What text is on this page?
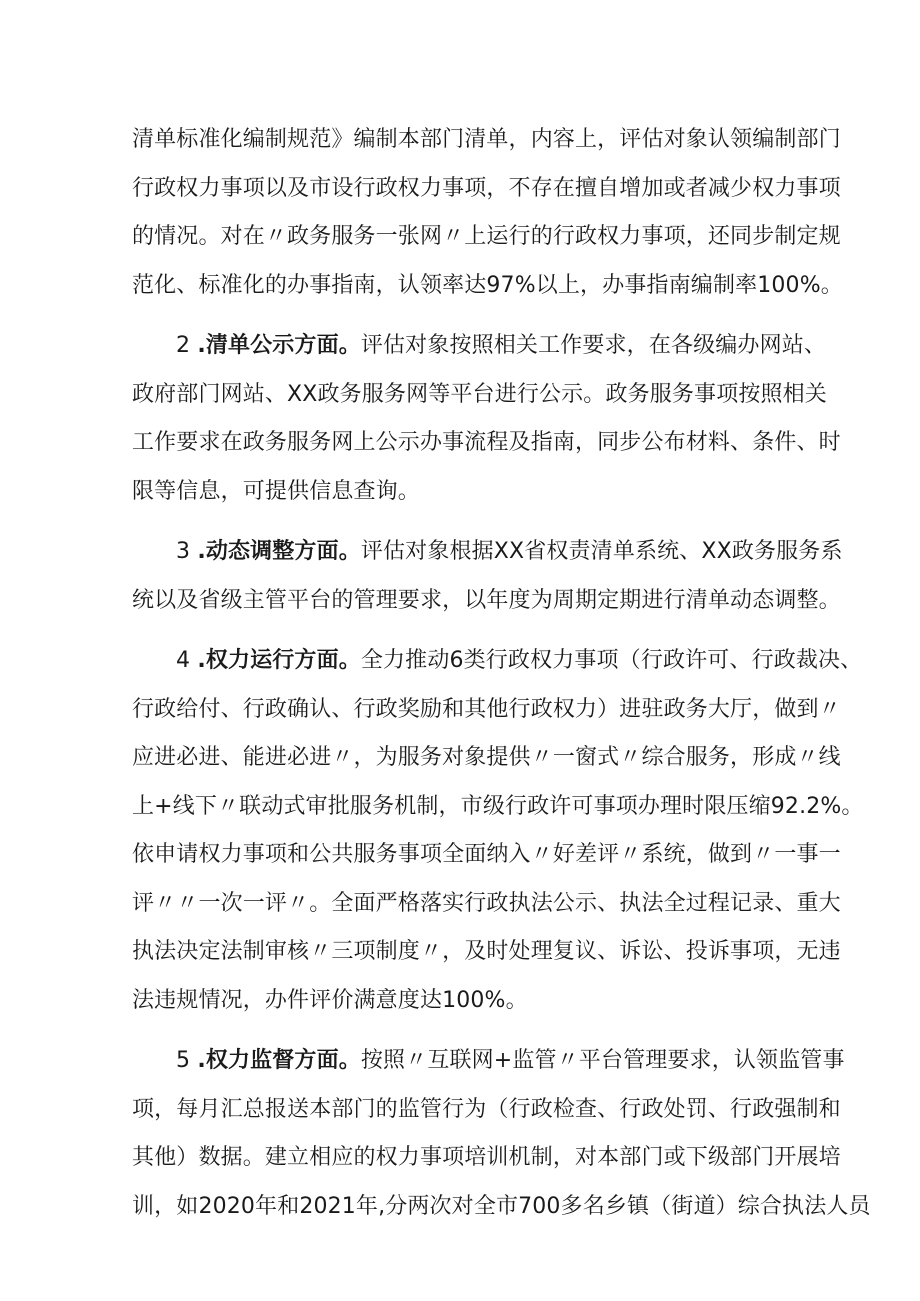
清单标准化编制规范》编制本部门清单，内容上，评估对象认领编制部门
行政权力事项以及市设行政权力事项，不存在擅自增加或者减少权力事项
的情况。对在〃政务服务一张网〃上运行的行政权力事项，还同步制定规
范化、标准化的办事指南，认领率达97%以上，办事指南编制率100%。
2 .清单公示方面。评估对象按照相关工作要求，在各级编办网站、
政府部门网站、XX政务服务网等平台进行公示。政务服务事项按照相关
工作要求在政务服务网上公示办事流程及指南，同步公布材料、条件、时
限等信息，可提供信息查询。
3 .动态调整方面。评估对象根据XX省权责清单系统、XX政务服务系
统以及省级主管平台的管理要求，以年度为周期定期进行清单动态调整。
4 .权力运行方面。全力推动6类行政权力事项（行政许可、行政裁决、
行政给付、行政确认、行政奖励和其他行政权力）进驻政务大厅，做到〃
应进必进、能进必进〃，为服务对象提供〃一窗式〃综合服务，形成〃线
上+线下〃联动式审批服务机制，市级行政许可事项办理时限压缩92.2%。
依申请权力事项和公共服务事项全面纳入〃好差评〃系统，做到〃一事一
评〃〃一次一评〃。全面严格落实行政执法公示、执法全过程记录、重大
执法决定法制审核〃三项制度〃，及时处理复议、诉讼、投诉事项，无违
法违规情况，办件评价满意度达100%。
5 .权力监督方面。按照〃互联网+监管〃平台管理要求，认领监管事
项，每月汇总报送本部门的监管行为（行政检查、行政处罚、行政强制和
其他）数据。建立相应的权力事项培训机制，对本部门或下级部门开展培
训，如2020年和2021年,分两次对全市700多名乡镇（街道）综合执法人员
